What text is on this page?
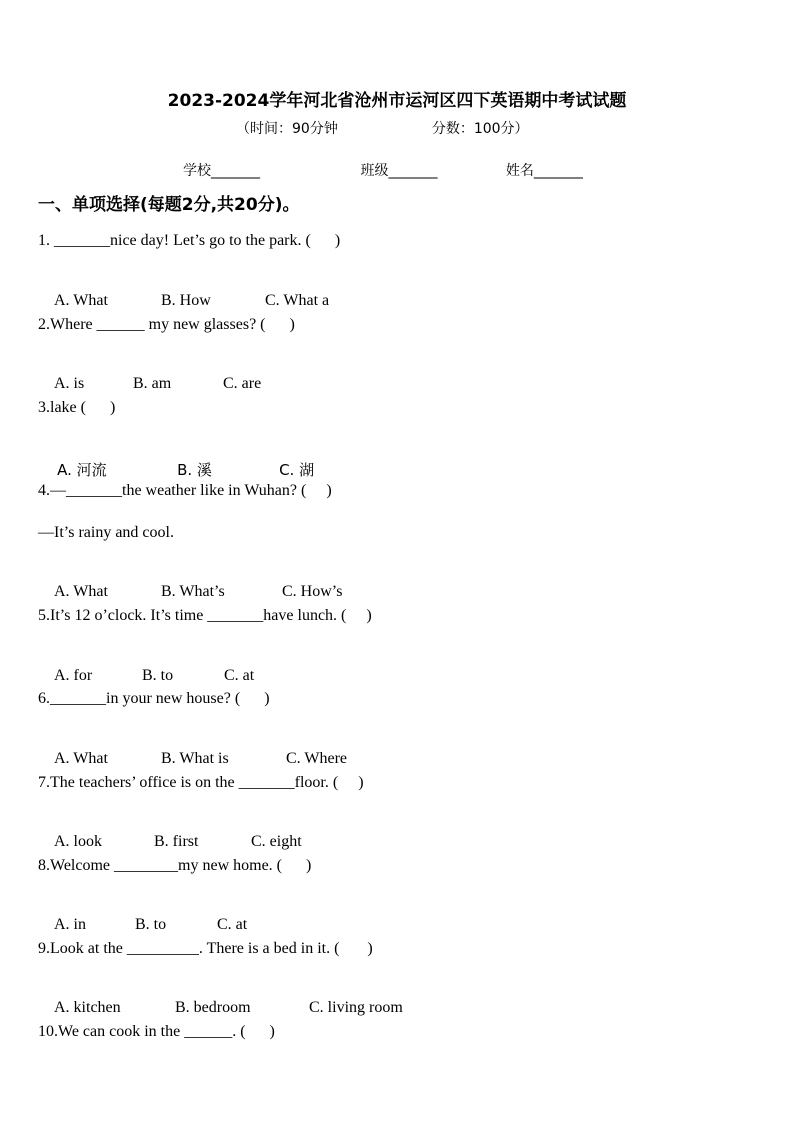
2023-2024学年河北省沧州市运河区四下英语期中考试试题
（时间：90分钟	分数：100分）
学校_______	班级_______	姓名_______
一、单项选择(每题2分,共20分)。
1. _______nice day! Let’s go to the park. (      )

A. What	B. How	C. What a

2.Where ______ my new glasses? (      )

A. is	B. am	C. are

3.lake (      )

A. 河流	B. 溪	C. 湖

4.—_______the weather like in Wuhan? (     )
—It’s rainy and cool.

A. What	B. What’s	C. How’s

5.It’s 12 o’clock. It’s time _______have lunch. (     )

A. for	B. to	C. at

6._______in your new house? (      )

A. What	B. What is	C. Where

7.The teachers’ office is on the _______floor. (     )

A. look	B. first	C. eight

8.Welcome ________my new home. (      )

A. in	B. to	C. at

9.Look at the _________. There is a bed in it. (       )

A. kitchen	B. bedroom	C. living room

10.We can cook in the ______. (      )
